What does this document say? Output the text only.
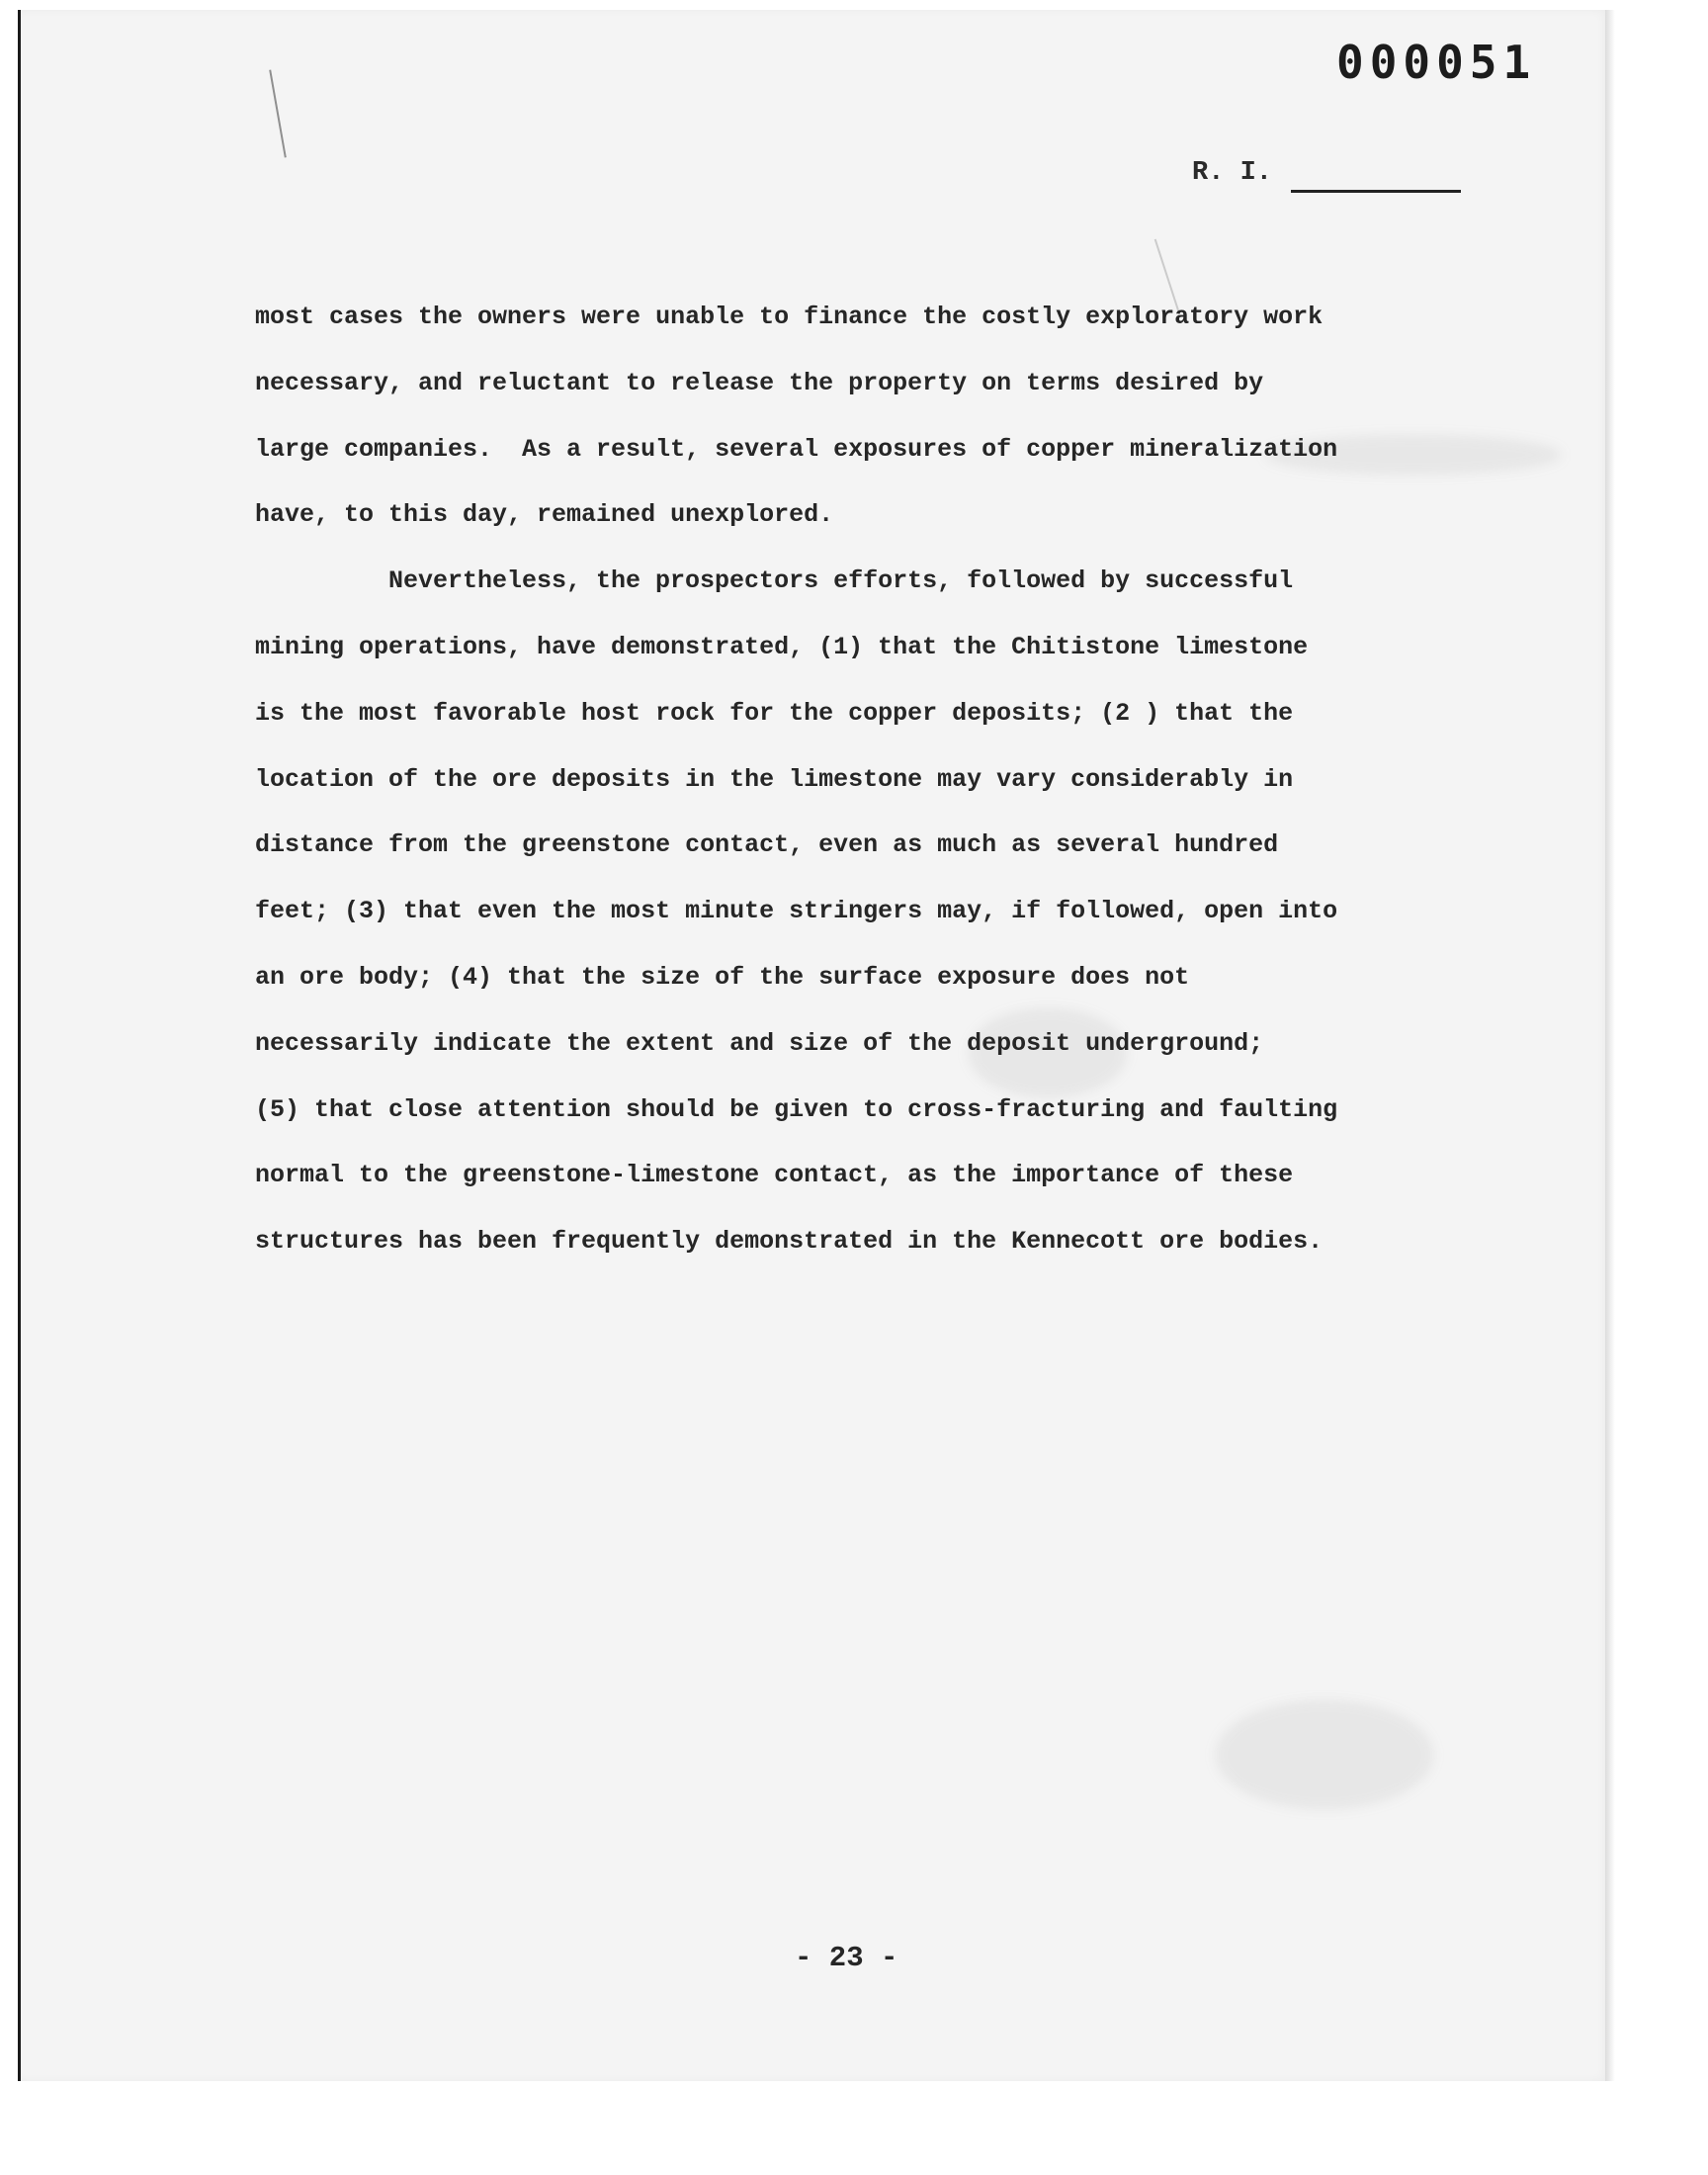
000051
R. I.
most cases the owners were unable to finance the costly exploratory work
necessary, and reluctant to release the property on terms desired by
large companies.  As a result, several exposures of copper mineralization
have, to this day, remained unexplored.
Nevertheless, the prospectors efforts, followed by successful
mining operations, have demonstrated, (1) that the Chitistone limestone
is the most favorable host rock for the copper deposits; (2 ) that the
location of the ore deposits in the limestone may vary considerably in
distance from the greenstone contact, even as much as several hundred
feet; (3) that even the most minute stringers may, if followed, open into
an ore body; (4) that the size of the surface exposure does not
necessarily indicate the extent and size of the deposit underground;
(5) that close attention should be given to cross-fracturing and faulting
normal to the greenstone-limestone contact, as the importance of these
structures has been frequently demonstrated in the Kennecott ore bodies.
- 23 -
